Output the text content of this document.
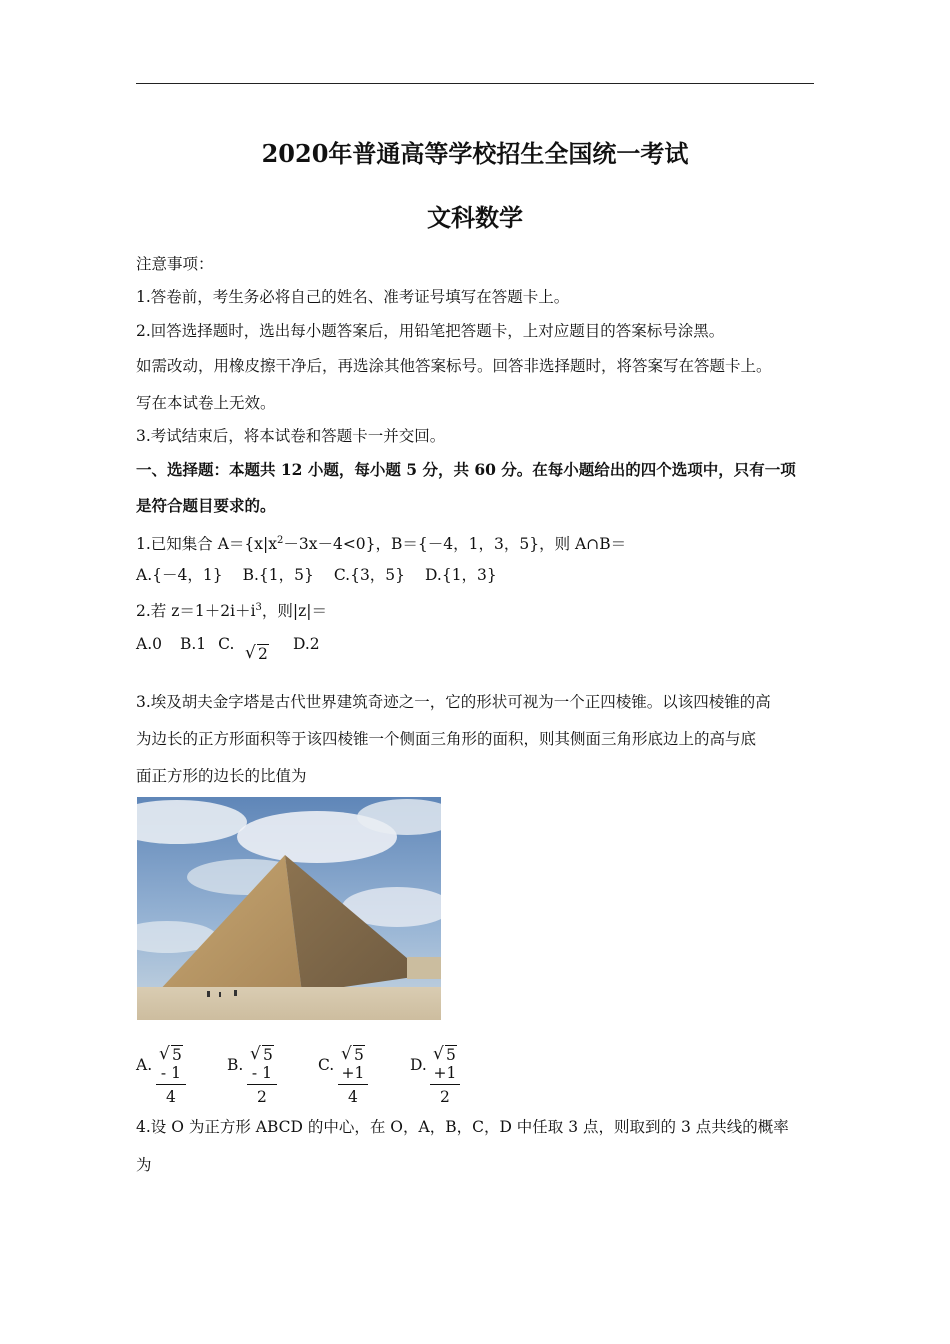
2020年普通高等学校招生全国统一考试
文科数学
注意事项：
1.答卷前，考生务必将自己的姓名、准考证号填写在答题卡上。
2.回答选择题时，选出每小题答案后，用铅笔把答题卡，上对应题目的答案标号涂黑。
如需改动，用橡皮擦干净后，再选涂其他答案标号。回答非选择题时，将答案写在答题卡上。
写在本试卷上无效。
3.考试结束后，将本试卷和答题卡一并交回。
一、选择题：本题共 12 小题，每小题 5 分，共 60 分。在每小题给出的四个选项中，只有一项
是符合题目要求的。
1.已知集合 $A=\{x|x^2-3x-4<0\}$，B＝{－4，1，3，5}，则 A∩B＝
A.{－4，1} B.{1，5} C.{3，5} D.{1，3}
2.若 $z=1+2i+i^3$，则|z|＝
A.0 B.1 C. √ 2
D.2
3.埃及胡夫金字塔是古代世界建筑奇迹之一，它的形状可视为一个正四棱锥。以该四棱锥的高
为边长的正方形面积等于该四棱锥一个侧面三角形的面积，则其侧面三角形底边上的高与底
面正方形的边长的比值为
A. $\frac{√ 5 - 1}{4}$	B. $\frac{√ 5 - 1}{2}$	C. $\frac{√ 5 +1}{4}$	D. $\frac{√ 5 +1}{2}$
4.设 O 为正方形 ABCD 的中心，在 O，A，B，C，D 中任取 3 点，则取到的 3 点共线的概率
为
